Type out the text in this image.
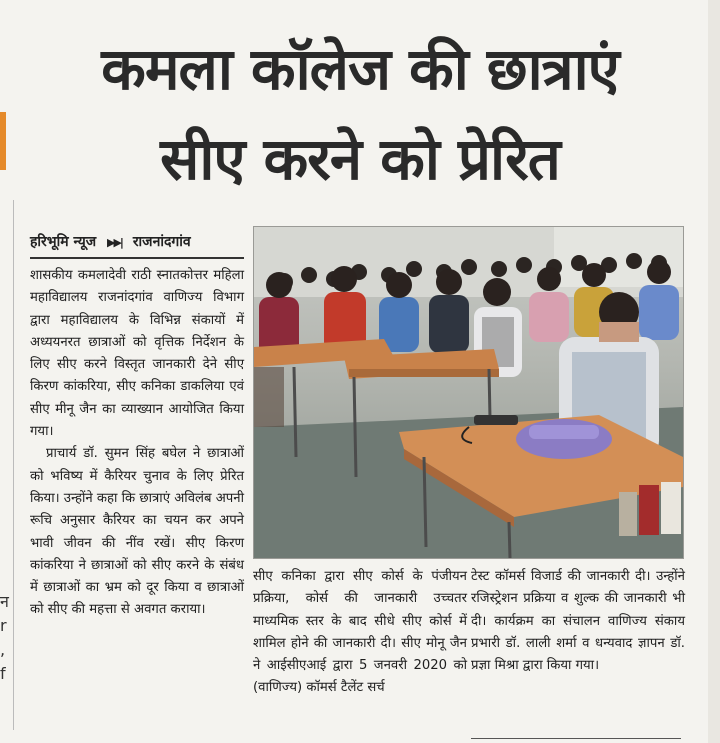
न
r
,
f
कमला कॉलेज की छात्राएं
सीए करने को प्रेरित
हरिभूमि न्यूज ▶▶| राजनांदगांव

शासकीय कमलादेवी राठी स्नातकोत्तर महिला महाविद्यालय राजनांदगांव वाणिज्य विभाग द्वारा महाविद्यालय के विभिन्न संकायों में अध्ययनरत छात्राओं को वृत्तिक निर्देशन के लिए सीए करने विस्तृत जानकारी देने सीए किरण कांकरिया, सीए कनिका डाकलिया एवं सीए मीनू जैन का व्याख्यान आयोजित किया गया।

प्राचार्य डॉ. सुमन सिंह बघेल ने छात्राओं को भविष्य में कैरियर चुनाव के लिए प्रेरित किया। उन्होंने कहा कि छात्राएं अविलंब अपनी रूचि अनुसार कैरियर का चयन कर अपने भावी जीवन की नींव रखें। सीए किरण कांकरिया ने छात्राओं को सीए करने के संबंध में छात्राओं का भ्रम को दूर किया व छात्राओं को सीए की महत्ता से अवगत कराया।

सीए कनिका द्वारा सीए कोर्स के पंजीयन प्रक्रिया, कोर्स की जानकारी उच्चतर माध्यमिक स्तर के बाद सीधे सीए कोर्स में शामिल होने की जानकारी दी। सीए मोनू जैन ने आईसीएआई द्वारा 5 जनवरी 2020 को (वाणिज्य) कॉमर्स टैलेंट सर्च

टेस्ट कॉमर्स विजार्ड की जानकारी दी। उन्होंने रजिस्ट्रेशन प्रक्रिया व शुल्क की जानकारी भी दी। कार्यक्रम का संचालन वाणिज्य संकाय प्रभारी डॉ. लाली शर्मा व धन्यवाद ज्ञापन डॉ. प्रज्ञा मिश्रा द्वारा किया गया।
